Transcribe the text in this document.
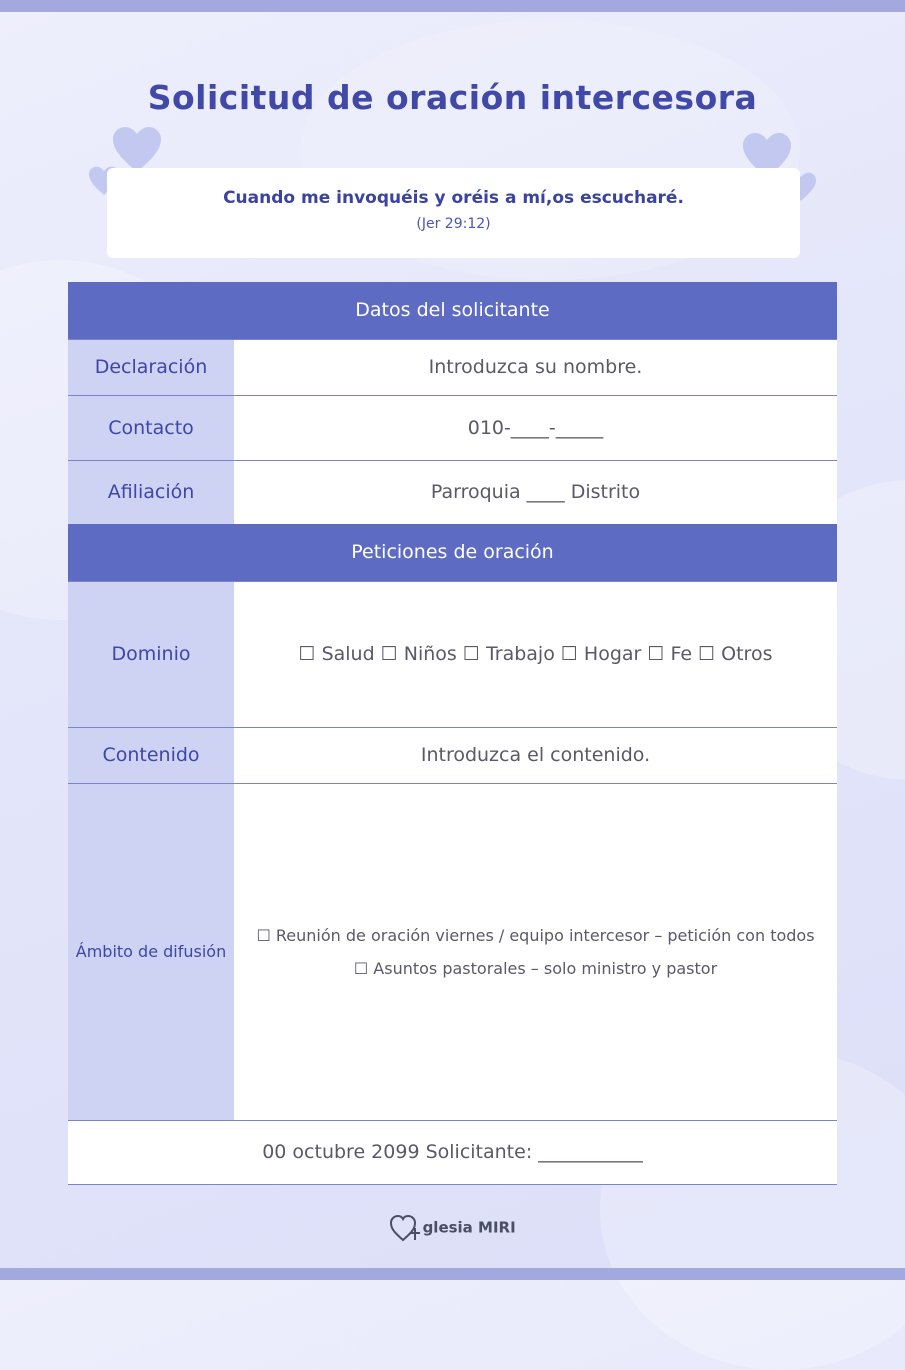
Solicitud de oración intercesora
Cuando me invoquéis y oréis a mí,os escucharé.
(Jer 29:12)
Datos del solicitante	
Declaración	Introduzca su nombre.
Contacto	010-____-_____
Afiliación	Parroquia ____ Distrito
Peticiones de oración	
Dominio	☐ Salud ☐ Niños ☐ Trabajo ☐ Hogar ☐ Fe ☐ Otros
Contenido	Introduzca el contenido.
Ámbito de difusión	☐ Reunión de oración viernes / equipo intercesor – petición con todos
☐ Asuntos pastorales – solo ministro y pastor

00 octubre 2099 Solicitante: ___________	
glesia MIRI
